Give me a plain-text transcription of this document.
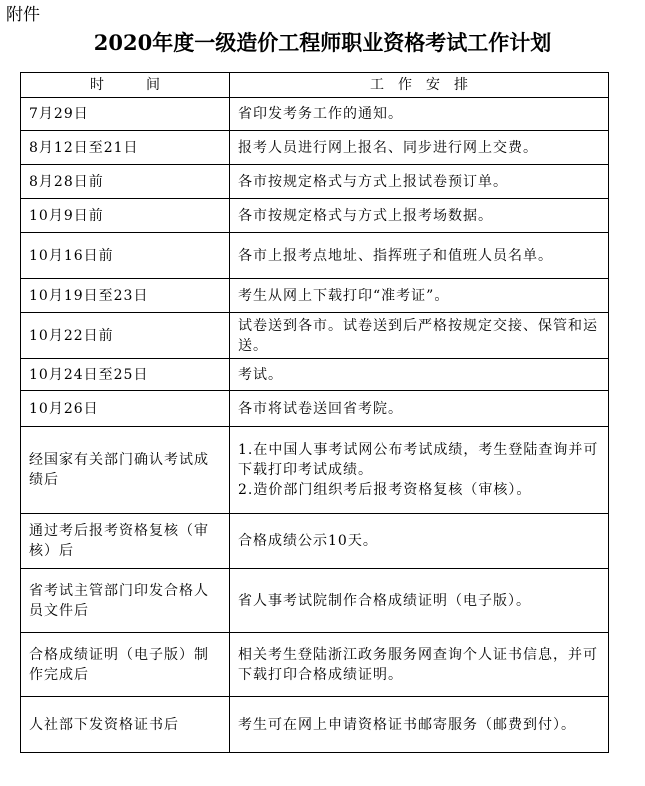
附件
2020年度一级造价工程师职业资格考试工作计划
时　　　间	工　作　安　排
7月29日	省印发考务工作的通知。

8月12日至21日	报考人员进行网上报名、同步进行网上交费。

8月28日前	各市按规定格式与方式上报试卷预订单。

10月9日前	各市按规定格式与方式上报考场数据。

10月16日前	各市上报考点地址、指挥班子和值班人员名单。

10月19日至23日	考生从网上下载打印“准考证”。

10月22日前	试卷送到各市。试卷送到后严格按规定交接、保管和运送。

10月24日至25日	考试。

10月26日	各市将试卷送回省考院。

经国家有关部门确认考试成绩后	1.在中国人事考试网公布考试成绩，考生登陆查询并可下载打印考试成绩。
2.造价部门组织考后报考资格复核（审核）。

通过考后报考资格复核（审核）后	合格成绩公示10天。

省考试主管部门印发合格人员文件后	省人事考试院制作合格成绩证明（电子版）。

合格成绩证明（电子版）制作完成后	相关考生登陆浙江政务服务网查询个人证书信息，并可下载打印合格成绩证明。

人社部下发资格证书后	考生可在网上申请资格证书邮寄服务（邮费到付）。
